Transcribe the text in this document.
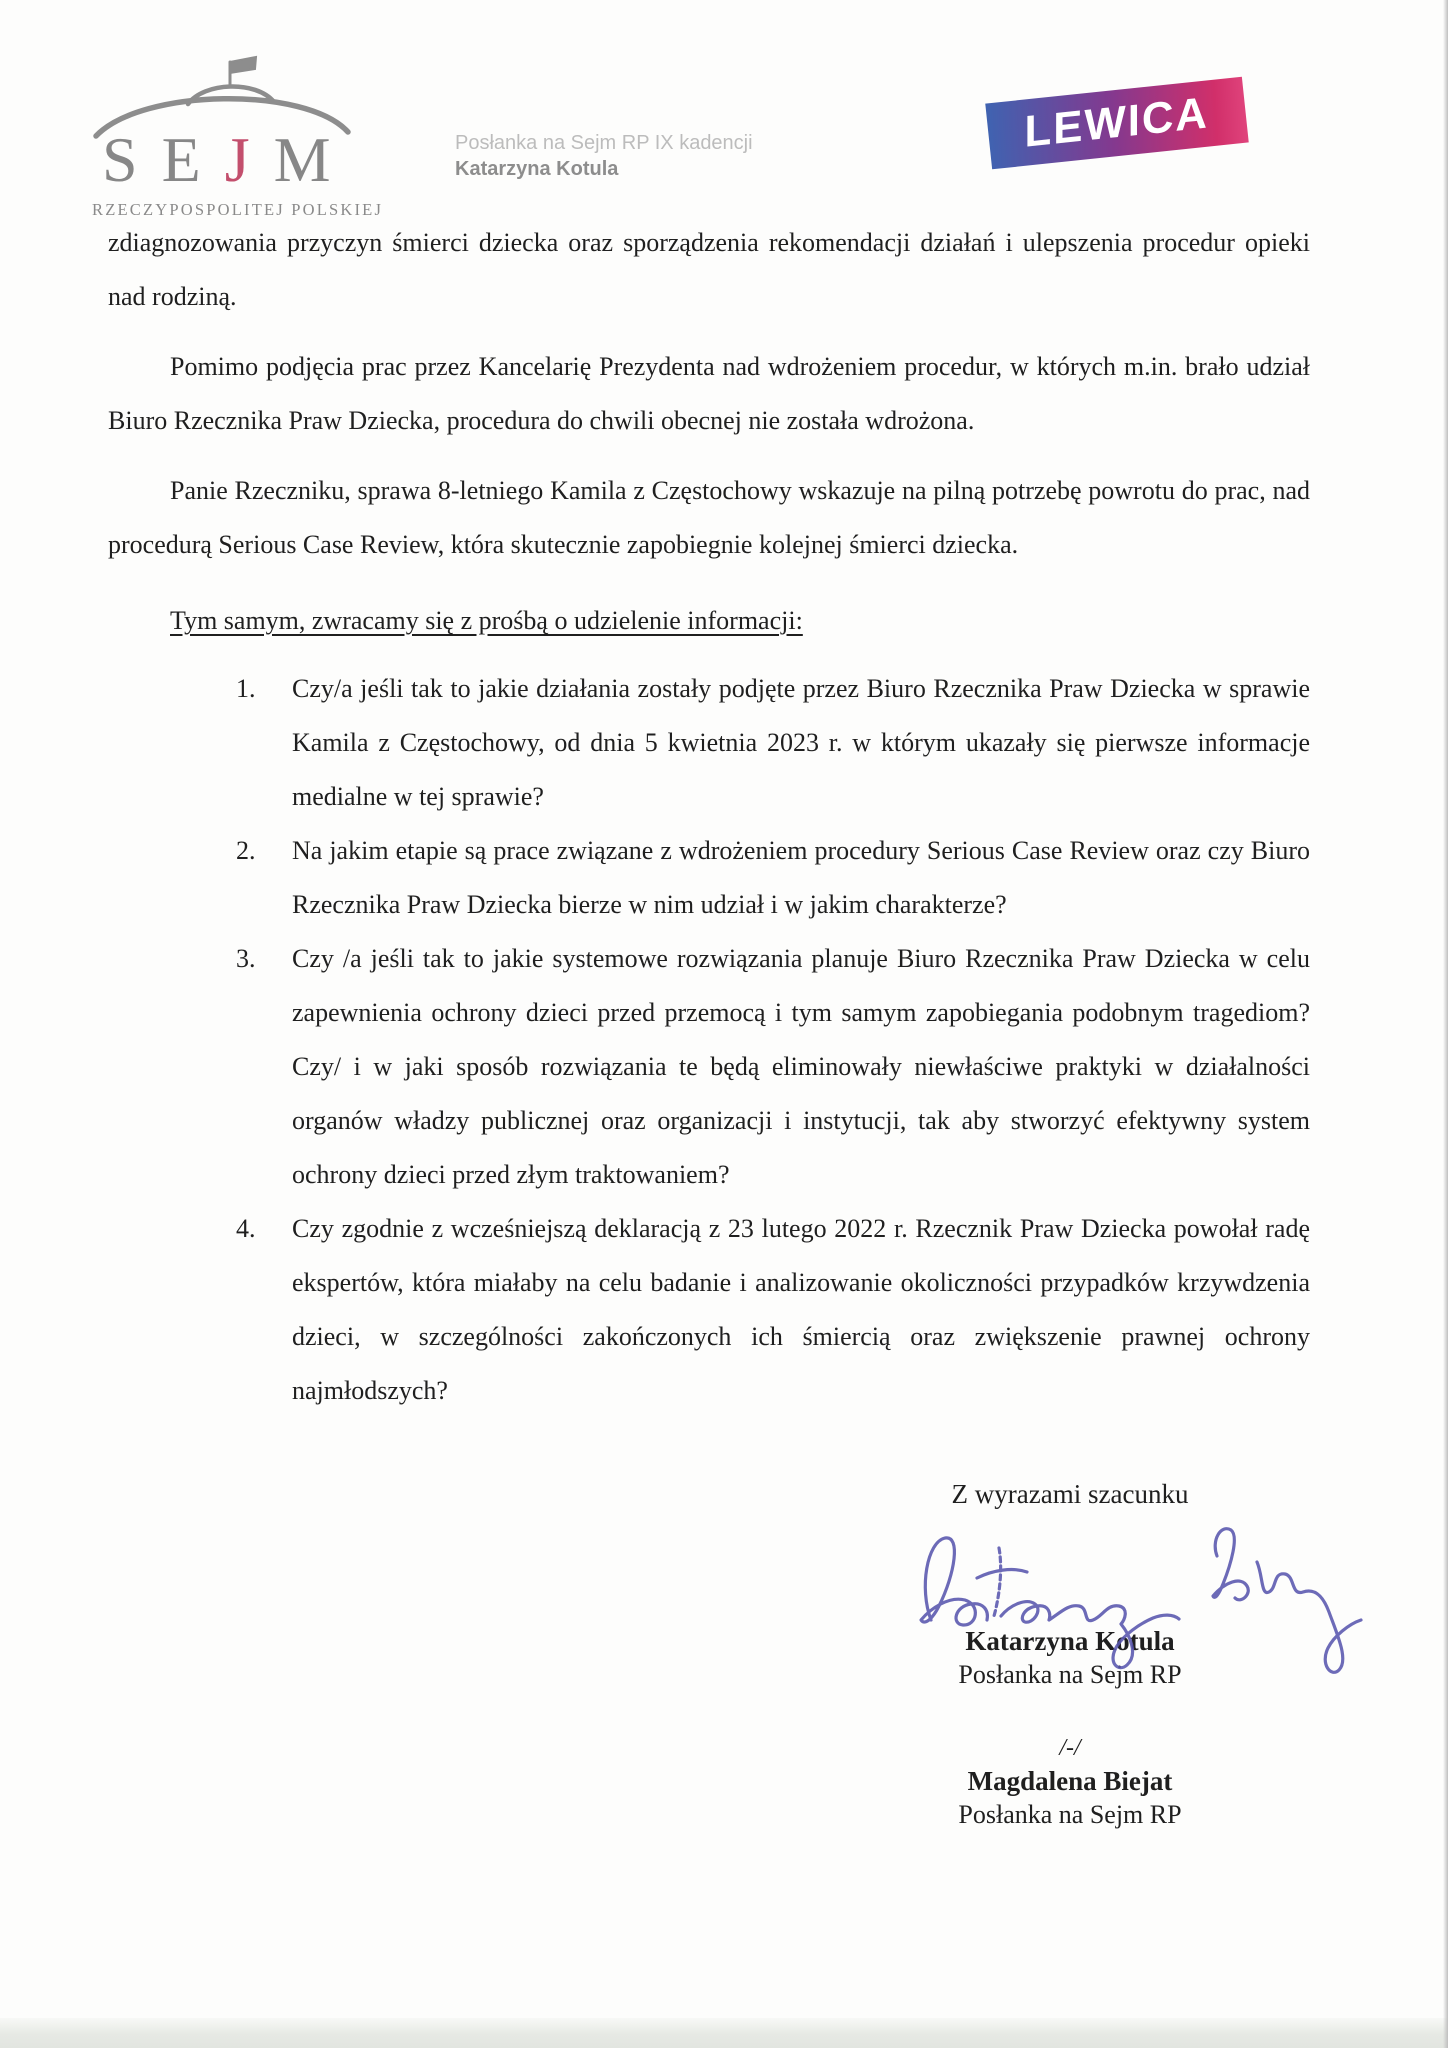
SEJM
RZECZYPOSPOLITEJ POLSKIEJ
Posłanka na Sejm RP IX kadencji
Katarzyna Kotula
LEWICA

zdiagnozowania przyczyn śmierci dziecka oraz sporządzenia rekomendacji działań i ulepszenia procedur opieki nad rodziną.

Pomimo podjęcia prac przez Kancelarię Prezydenta nad wdrożeniem procedur, w których m.in. brało udział Biuro Rzecznika Praw Dziecka, procedura do chwili obecnej nie została wdrożona.

Panie Rzeczniku, sprawa 8-letniego Kamila z Częstochowy wskazuje na pilną potrzebę powrotu do prac, nad procedurą Serious Case Review, która skutecznie zapobiegnie kolejnej śmierci dziecka.

Tym samym, zwracamy się z prośbą o udzielenie informacji:

1.	Czy/a jeśli tak to jakie działania zostały podjęte przez Biuro Rzecznika Praw Dziecka w sprawie Kamila z Częstochowy, od dnia 5 kwietnia 2023 r. w którym ukazały się pierwsze informacje medialne w tej sprawie?
2.	Na jakim etapie są prace związane z wdrożeniem procedury Serious Case Review oraz czy Biuro Rzecznika Praw Dziecka bierze w nim udział i w jakim charakterze?
3.	Czy /a jeśli tak to jakie systemowe rozwiązania planuje Biuro Rzecznika Praw Dziecka w celu zapewnienia ochrony dzieci przed przemocą i tym samym zapobiegania podobnym tragediom? Czy/ i w jaki sposób rozwiązania te będą eliminowały niewłaściwe praktyki w działalności organów władzy publicznej oraz organizacji i instytucji, tak aby stworzyć efektywny system ochrony dzieci przed złym traktowaniem?
4.	Czy zgodnie z wcześniejszą deklaracją z 23 lutego 2022 r. Rzecznik Praw Dziecka powołał radę ekspertów, która miałaby na celu badanie i analizowanie okoliczności przypadków krzywdzenia dzieci, w szczególności zakończonych ich śmiercią oraz zwiększenie prawnej ochrony najmłodszych?
Z wyrazami szacunku
Katarzyna Kotula
Posłanka na Sejm RP
/-/
Magdalena Biejat
Posłanka na Sejm RP
